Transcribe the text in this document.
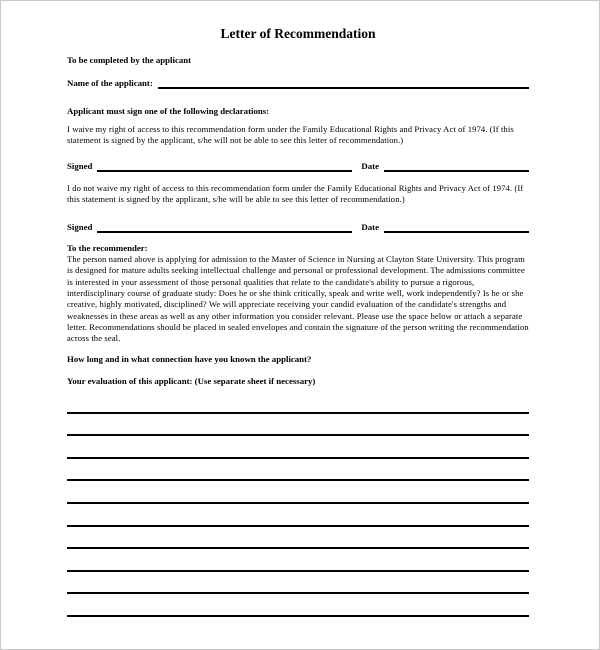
Letter of Recommendation
To be completed by the applicant
Name of the applicant:
Applicant must sign one of the following declarations:
I waive my right of access to this recommendation form under the Family Educational Rights and Privacy Act of 1974. (If this statement is signed by the applicant, s/he will not be able to see this letter of recommendation.)
Signed	Date
I do not waive my right of access to this recommendation form under the Family Educational Rights and Privacy Act of 1974. (If this statement is signed by the applicant, s/he will be able to see this letter of recommendation.)
Signed	Date
To the recommender:
The person named above is applying for admission to the Master of Science in Nursing at Clayton State University. This program is designed for mature adults seeking intellectual challenge and personal or professional development. The admissions committee is interested in your assessment of those personal qualities that relate to the candidate's ability to pursue a rigorous, interdisciplinary course of graduate study: Does he or she think critically, speak and write well, work independently? Is he or she creative, highly motivated, disciplined? We will appreciate receiving your candid evaluation of the candidate's strengths and weaknesses in these areas as well as any other information you consider relevant. Please use the space below or attach a separate letter. Recommendations should be placed in sealed envelopes and contain the signature of the person writing the recommendation across the seal.
How long and in what connection have you known the applicant?
Your evaluation of this applicant: (Use separate sheet if necessary)
